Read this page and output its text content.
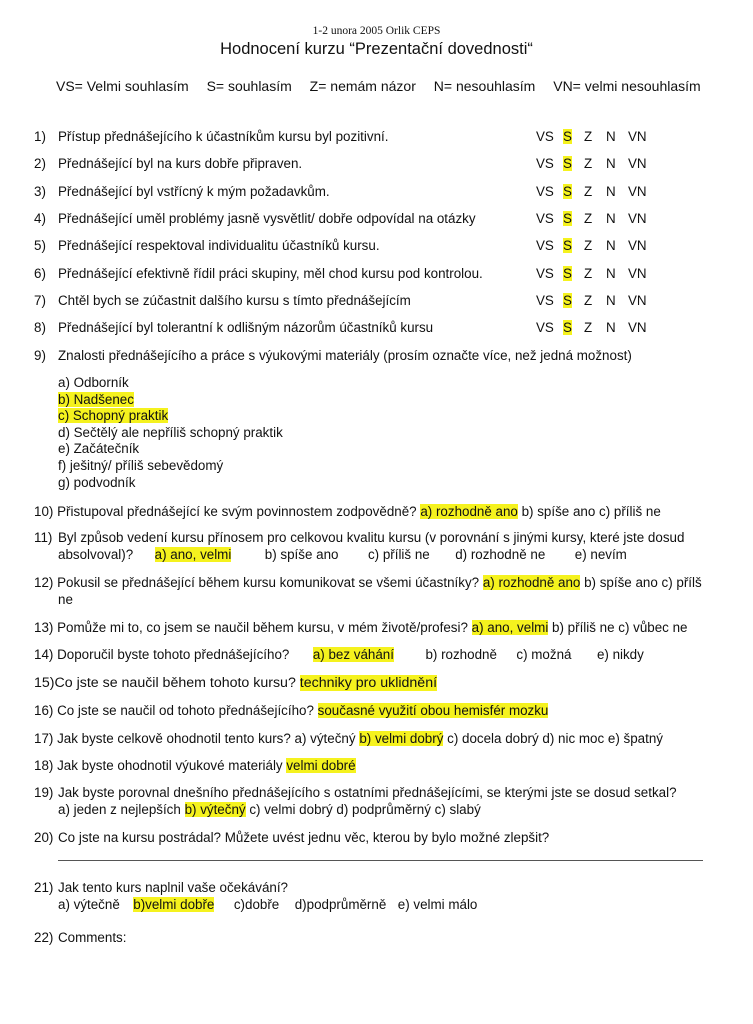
1-2 unora 2005 Orlik CEPS
Hodnocení kurzu “Prezentační dovednosti“
VS= Velmi souhlasím S= souhlasím Z= nemám názor N= nesouhlasím VN= velmi nesouhlasím
1) Přístup přednášejícího k účastníkům kursu byl pozitivní.	VS S Z N VN
2) Přednášející byl na kurs dobře připraven.	VS S Z N VN
3) Přednášející byl vstřícný k mým požadavkům.	VS S Z N VN
4) Přednášející uměl problémy jasně vysvětlit/ dobře odpovídal na otázky	VS S Z N VN
5) Přednášející respektoval individualitu účastníků kursu.	VS S Z N VN
6) Přednášející efektivně řídil práci skupiny, měl chod kursu pod kontrolou.	VS S Z N VN
7) Chtěl bych se zúčastnit dalšího kursu s tímto přednášejícím	VS S Z N VN
8) Přednášející byl tolerantní k odlišným názorům účastníků kursu	VS S Z N VN
9) Znalosti přednášejícího a práce s výukovými materiály (prosím označte více, než jedná možnost)
a) Odborník
b) Nadšenec
c) Schopný praktik
d) Sečtělý ale nepříliš schopný praktik
e) Začátečník
f) ješitný/ příliš sebevědomý
g) podvodník
10) Přistupoval přednášející ke svým povinnostem zodpovědně? a) rozhodně ano b) spíše ano c) příliš ne
11) Byl způsob vedení kursu přínosem pro celkovou kvalitu kursu (v porovnání s jinými kursy, které jste dosud
absolvoval)? a) ano, velmi b) spíše ano c) příliš ne d) rozhodně ne e) nevím
12) Pokusil se přednášející během kursu komunikovat se všemi účastníky? a) rozhodně ano b) spíše ano c) přílš
ne
13) Pomůže mi to, co jsem se naučil během kursu, v mém životě/profesi? a) ano, velmi b) příliš ne c) vůbec ne
14) Doporučil byste tohoto přednášejícího? a) bez váhání b) rozhodně c) možná e) nikdy
15)Co jste se naučil během tohoto kursu? techniky pro uklidnění
16) Co jste se naučil od tohoto přednášejícího? současné využití obou hemisfér mozku
17) Jak byste celkově ohodnotil tento kurs? a) výtečný b) velmi dobrý c) docela dobrý d) nic moc e) špatný
18) Jak byste ohodnotil výukové materiály velmi dobré
19) Jak byste porovnal dnešního přednášejícího s ostatními přednášejícími, se kterými jste se dosud setkal?
a) jeden z nejlepších b) výtečný c) velmi dobrý d) podprůměrný c) slabý
20) Co jste na kursu postrádal? Můžete uvést jednu věc, kterou by bylo možné zlepšit?
21) Jak tento kurs naplnil vaše očekávání?
a) výtečně b)velmi dobře c)dobře d)podprůměrně e) velmi málo
22) Comments:
